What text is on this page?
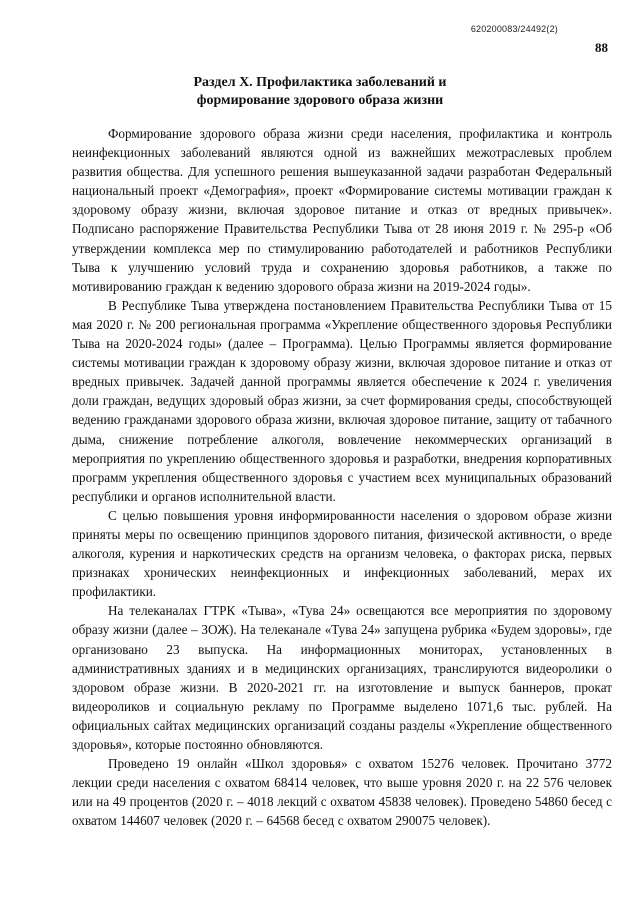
620200083/24492(2)
88
Раздел X. Профилактика заболеваний и
формирование здорового образа жизни

Формирование здорового образа жизни среди населения, профилактика и контроль неинфекционных заболеваний являются одной из важнейших межотраслевых проблем развития общества. Для успешного решения вышеуказанной задачи разработан Федеральный национальный проект «Демография», проект «Формирование системы мотивации граждан к здоровому образу жизни, включая здоровое питание и отказ от вредных привычек». Подписано распоряжение Правительства Республики Тыва от 28 июня 2019 г. № 295-р «Об утверждении комплекса мер по стимулированию работодателей и работников Республики Тыва к улучшению условий труда и сохранению здоровья работников, а также по мотивированию граждан к ведению здорового образа жизни на 2019-2024 годы».

В Республике Тыва утверждена постановлением Правительства Республики Тыва от 15 мая 2020 г. № 200 региональная программа «Укрепление общественного здоровья Республики Тыва на 2020-2024 годы» (далее – Программа). Целью Программы является формирование системы мотивации граждан к здоровому образу жизни, включая здоровое питание и отказ от вредных привычек. Задачей данной программы является обеспечение к 2024 г. увеличения доли граждан, ведущих здоровый образ жизни, за счет формирования среды, способствующей ведению гражданами здорового образа жизни, включая здоровое питание, защиту от табачного дыма, снижение потребление алкоголя, вовлечение некоммерческих организаций в мероприятия по укреплению общественного здоровья и разработки, внедрения корпоративных программ укрепления общественного здоровья с участием всех муниципальных образований республики и органов исполнительной власти.

С целью повышения уровня информированности населения о здоровом образе жизни приняты меры по освещению принципов здорового питания, физической активности, о вреде алкоголя, курения и наркотических средств на организм человека, о факторах риска, первых признаках хронических неинфекционных и инфекционных заболеваний, мерах их профилактики.

На телеканалах ГТРК «Тыва», «Тува 24» освещаются все мероприятия по здоровому образу жизни (далее – ЗОЖ). На телеканале «Тува 24» запущена рубрика «Будем здоровы», где организовано 23 выпуска. На информационных мониторах, установленных в административных зданиях и в медицинских организациях, транслируются видеоролики о здоровом образе жизни. В 2020-2021 гг. на изготовление и выпуск баннеров, прокат видеороликов и социальную рекламу по Программе выделено 1071,6 тыс. рублей. На официальных сайтах медицинских организаций созданы разделы «Укрепление общественного здоровья», которые постоянно обновляются.

Проведено 19 онлайн «Школ здоровья» с охватом 15276 человек. Прочитано 3772 лекции среди населения с охватом 68414 человек, что выше уровня 2020 г. на 22 576 человек или на 49 процентов (2020 г. – 4018 лекций с охватом 45838 человек). Проведено 54860 бесед с охватом 144607 человек (2020 г. – 64568 бесед с охватом 290075 человек).
